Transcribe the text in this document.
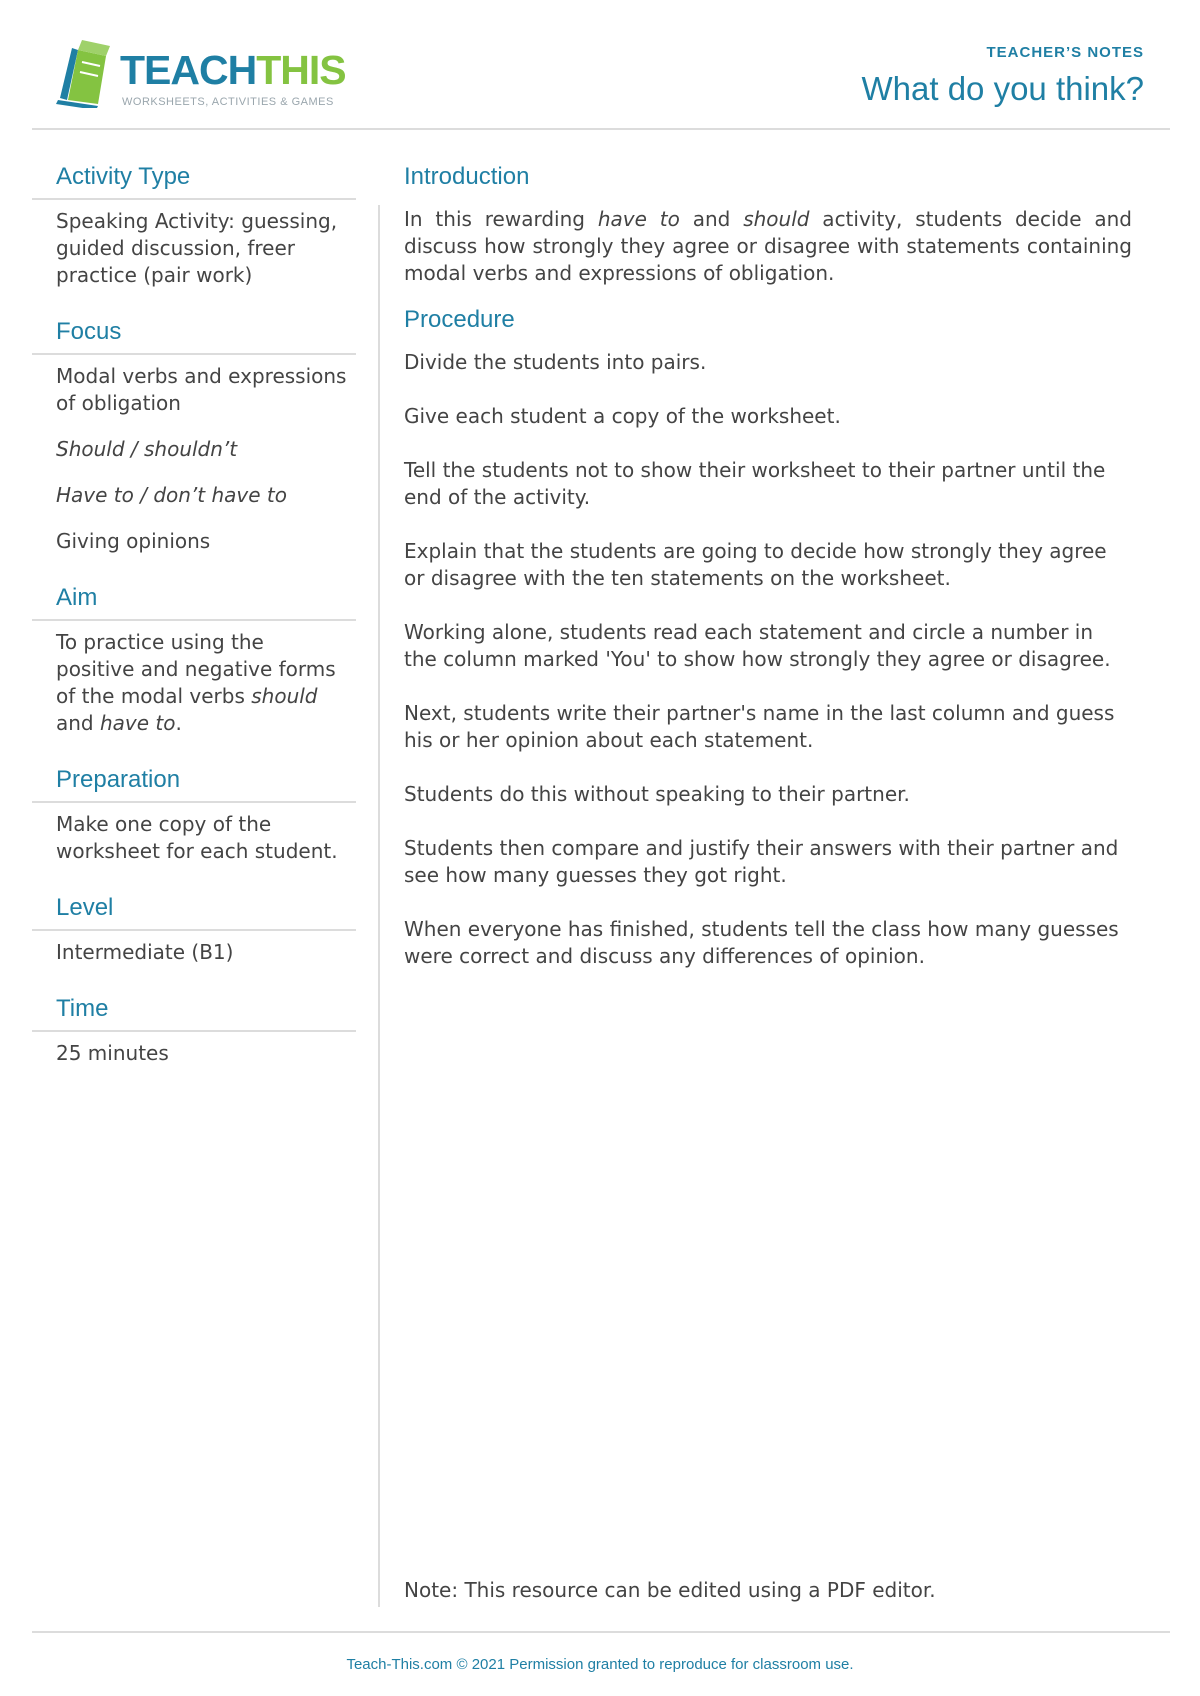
TEACHTHIS
WORKSHEETS, ACTIVITIES & GAMES
TEACHER’S NOTES
What do you think?
Activity Type

Speaking Activity: guessing, guided discussion, freer practice (pair work)

Focus

Modal verbs and expressions of obligation

Should / shouldn’t

Have to / don’t have to

Giving opinions

Aim

To practice using the positive and negative forms of the modal verbs should and have to.

Preparation

Make one copy of the worksheet for each student.

Level

Intermediate (B1)

Time

25 minutes

Introduction

In this rewarding have to and should activity, students decide and discuss how strongly they agree or disagree with statements containing modal verbs and expressions of obligation.

Procedure

Divide the students into pairs.

Give each student a copy of the worksheet.

Tell the students not to show their worksheet to their partner until the end of the activity.

Explain that the students are going to decide how strongly they agree or disagree with the ten statements on the worksheet.

Working alone, students read each statement and circle a number in the column marked 'You' to show how strongly they agree or disagree.

Next, students write their partner's name in the last column and guess his or her opinion about each statement.

Students do this without speaking to their partner.

Students then compare and justify their answers with their partner and see how many guesses they got right.

When everyone has finished, students tell the class how many guesses were correct and discuss any differences of opinion.

Note: This resource can be edited using a PDF editor.
Teach-This.com © 2021 Permission granted to reproduce for classroom use.
